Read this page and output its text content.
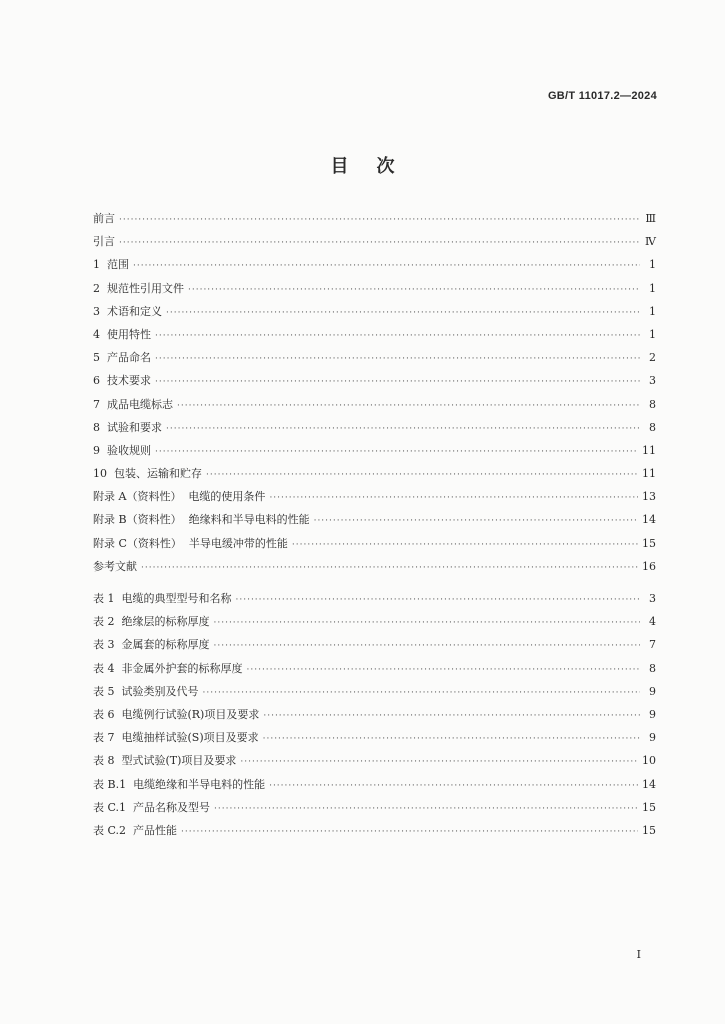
GB/T 11017.2—2024
目次
前言 ·····	Ⅲ
引言 ·····	Ⅳ
1  范围 ·····	1
2  规范性引用文件 ·····	1
3  术语和定义 ·····	1
4  使用特性 ·····	1
5  产品命名 ·····	2
6  技术要求 ·····	3
7  成品电缆标志 ·····	8
8  试验和要求 ·····	8
9  验收规则 ·····	11
10  包装、运输和贮存 ·····	11
附录 A（资料性）  电缆的使用条件 ·····	13
附录 B（资料性）  绝缘料和半导电料的性能 ·····	14
附录 C（资料性）  半导电缓冲带的性能 ·····	15
参考文献 ·····	16
表 1  电缆的典型型号和名称 ·····	3
表 2  绝缘层的标称厚度 ·····	4
表 3  金属套的标称厚度 ·····	7
表 4  非金属外护套的标称厚度 ·····	8
表 5  试验类别及代号 ·····	9
表 6  电缆例行试验(R)项目及要求 ·····	9
表 7  电缆抽样试验(S)项目及要求 ·····	9
表 8  型式试验(T)项目及要求 ·····	10
表 B.1  电缆绝缘和半导电料的性能 ·····	14
表 C.1  产品名称及型号 ·····	15
表 C.2  产品性能 ·····	15
I
